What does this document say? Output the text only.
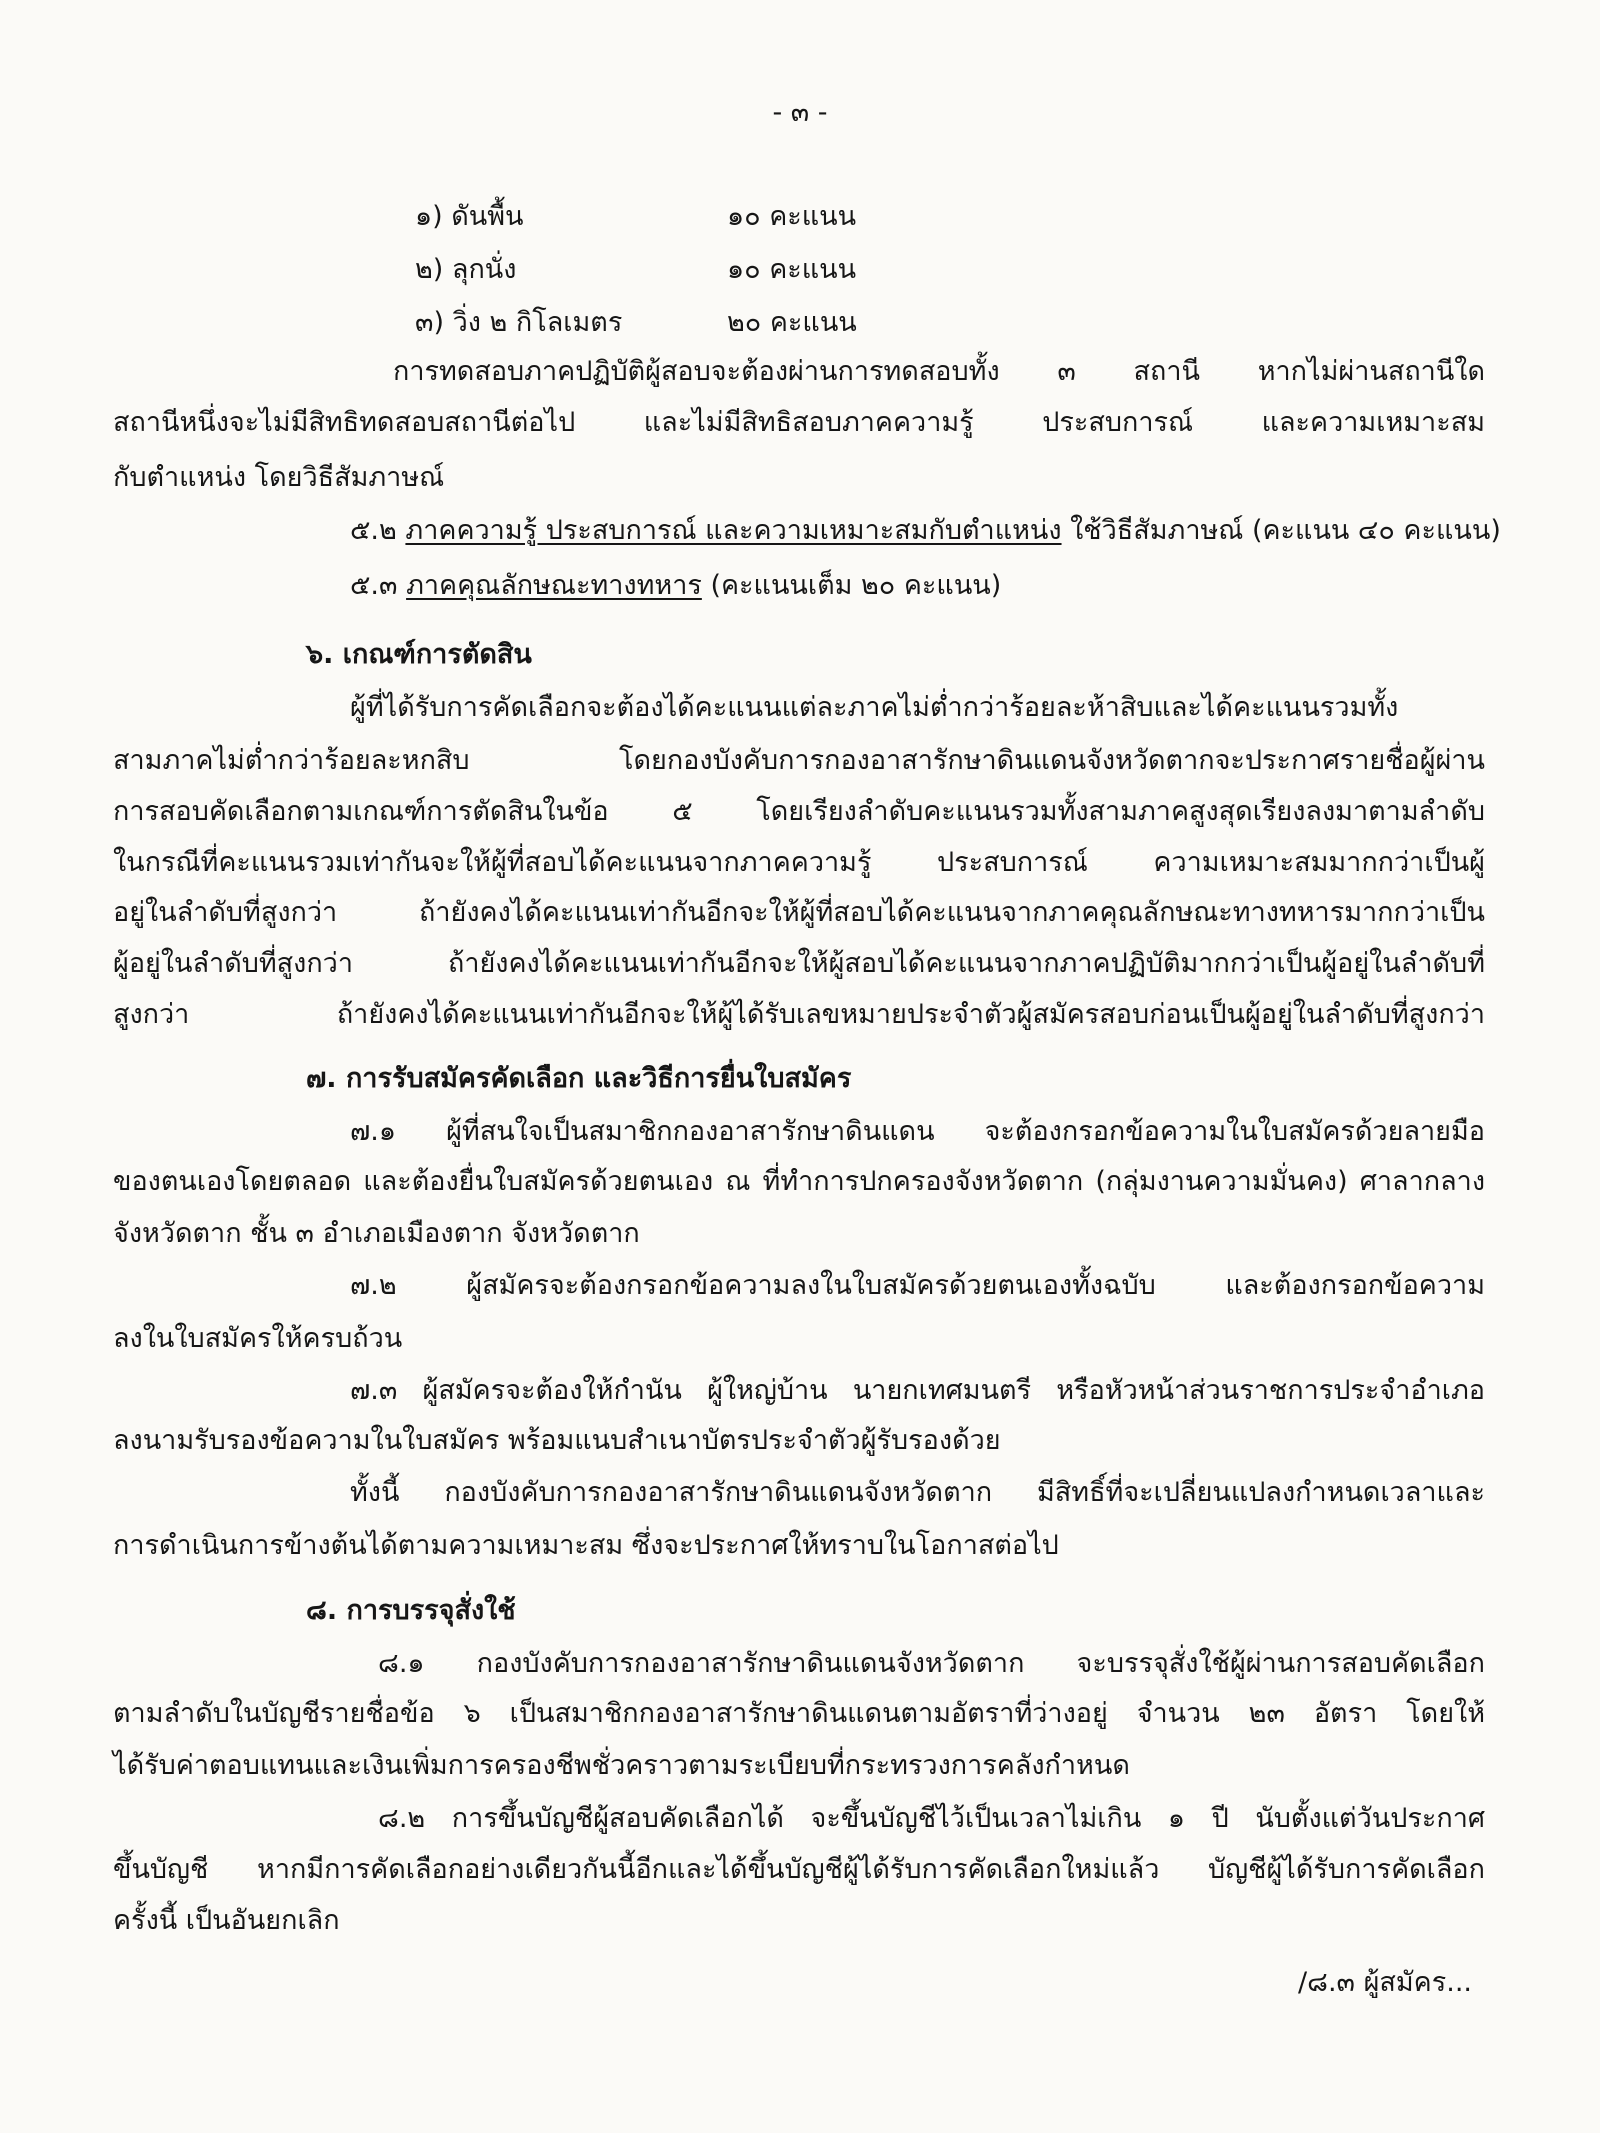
- ๓ -
๑) ดันพื้น	๑๐ คะแนน
๒) ลุกนั่ง	๑๐ คะแนน
๓) วิ่ง ๒ กิโลเมตร	๒๐ คะแนน
การทดสอบภาคปฏิบัติผู้สอบจะต้องผ่านการทดสอบทั้ง ๓ สถานี หากไม่ผ่านสถานีใด
สถานีหนึ่งจะไม่มีสิทธิทดสอบสถานีต่อไป และไม่มีสิทธิสอบภาคความรู้ ประสบการณ์ และความเหมาะสม
กับตำแหน่ง โดยวิธีสัมภาษณ์
๕.๒ ภาคความรู้ ประสบการณ์ และความเหมาะสมกับตำแหน่ง ใช้วิธีสัมภาษณ์ (คะแนน ๔๐ คะแนน)
๕.๓ ภาคคุณลักษณะทางทหาร (คะแนนเต็ม ๒๐ คะแนน)
๖. เกณฑ์การตัดสิน
ผู้ที่ได้รับการคัดเลือกจะต้องได้คะแนนแต่ละภาคไม่ต่ำกว่าร้อยละห้าสิบและได้คะแนนรวมทั้ง
สามภาคไม่ต่ำกว่าร้อยละหกสิบ โดยกองบังคับการกองอาสารักษาดินแดนจังหวัดตากจะประกาศรายชื่อผู้ผ่าน
การสอบคัดเลือกตามเกณฑ์การตัดสินในข้อ ๕ โดยเรียงลำดับคะแนนรวมทั้งสามภาคสูงสุดเรียงลงมาตามลำดับ
ในกรณีที่คะแนนรวมเท่ากันจะให้ผู้ที่สอบได้คะแนนจากภาคความรู้ ประสบการณ์ ความเหมาะสมมากกว่าเป็นผู้
อยู่ในลำดับที่สูงกว่า ถ้ายังคงได้คะแนนเท่ากันอีกจะให้ผู้ที่สอบได้คะแนนจากภาคคุณลักษณะทางทหารมากกว่าเป็น
ผู้อยู่ในลำดับที่สูงกว่า ถ้ายังคงได้คะแนนเท่ากันอีกจะให้ผู้สอบได้คะแนนจากภาคปฏิบัติมากกว่าเป็นผู้อยู่ในลำดับที่
สูงกว่า ถ้ายังคงได้คะแนนเท่ากันอีกจะให้ผู้ได้รับเลขหมายประจำตัวผู้สมัครสอบก่อนเป็นผู้อยู่ในลำดับที่สูงกว่า
๗. การรับสมัครคัดเลือก และวิธีการยื่นใบสมัคร
๗.๑ ผู้ที่สนใจเป็นสมาชิกกองอาสารักษาดินแดน จะต้องกรอกข้อความในใบสมัครด้วยลายมือ
ของตนเองโดยตลอด และต้องยื่นใบสมัครด้วยตนเอง ณ ที่ทำการปกครองจังหวัดตาก (กลุ่มงานความมั่นคง) ศาลากลาง
จังหวัดตาก ชั้น ๓ อำเภอเมืองตาก จังหวัดตาก
๗.๒ ผู้สมัครจะต้องกรอกข้อความลงในใบสมัครด้วยตนเองทั้งฉบับ และต้องกรอกข้อความ
ลงในใบสมัครให้ครบถ้วน
๗.๓ ผู้สมัครจะต้องให้กำนัน ผู้ใหญ่บ้าน นายกเทศมนตรี หรือหัวหน้าส่วนราชการประจำอำเภอ
ลงนามรับรองข้อความในใบสมัคร พร้อมแนบสำเนาบัตรประจำตัวผู้รับรองด้วย
ทั้งนี้ กองบังคับการกองอาสารักษาดินแดนจังหวัดตาก มีสิทธิ์ที่จะเปลี่ยนแปลงกำหนดเวลาและ
การดำเนินการข้างต้นได้ตามความเหมาะสม ซึ่งจะประกาศให้ทราบในโอกาสต่อไป
๘. การบรรจุสั่งใช้
๘.๑ กองบังคับการกองอาสารักษาดินแดนจังหวัดตาก จะบรรจุสั่งใช้ผู้ผ่านการสอบคัดเลือก
ตามลำดับในบัญชีรายชื่อข้อ ๖ เป็นสมาชิกกองอาสารักษาดินแดนตามอัตราที่ว่างอยู่ จำนวน ๒๓ อัตรา โดยให้
ได้รับค่าตอบแทนและเงินเพิ่มการครองชีพชั่วคราวตามระเบียบที่กระทรวงการคลังกำหนด
๘.๒ การขึ้นบัญชีผู้สอบคัดเลือกได้ จะขึ้นบัญชีไว้เป็นเวลาไม่เกิน ๑ ปี นับตั้งแต่วันประกาศ
ขึ้นบัญชี หากมีการคัดเลือกอย่างเดียวกันนี้อีกและได้ขึ้นบัญชีผู้ได้รับการคัดเลือกใหม่แล้ว บัญชีผู้ได้รับการคัดเลือก
ครั้งนี้ เป็นอันยกเลิก
/๘.๓ ผู้สมัคร...
